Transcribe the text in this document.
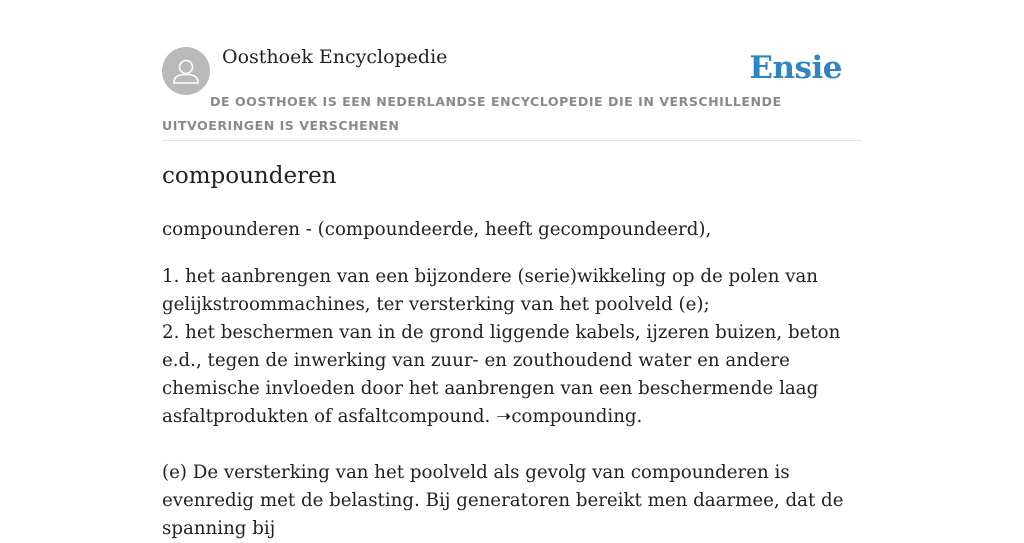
Oosthoek Encyclopedie	Ensie
DE OOSTHOEK IS EEN NEDERLANDSE ENCYCLOPEDIE DIE IN VERSCHILLENDE UITVOERINGEN IS VERSCHENEN
compounderen

compounderen - (compoundeerde, heeft gecompoundeerd),

1. het aanbrengen van een bijzondere (serie)wikkeling op de polen van gelijkstroommachines, ter versterking van het poolveld (e);

2. het beschermen van in de grond liggende kabels, ijzeren buizen, beton e.d., tegen de inwerking van zuur- en zouthoudend water en andere chemische invloeden door het aanbrengen van een beschermende laag asfaltprodukten of asfaltcompound. ➝compounding.

(e) De versterking van het poolveld als gevolg van compounderen is evenredig met de belasting. Bij generatoren bereikt men daarmee, dat de spanning bij
